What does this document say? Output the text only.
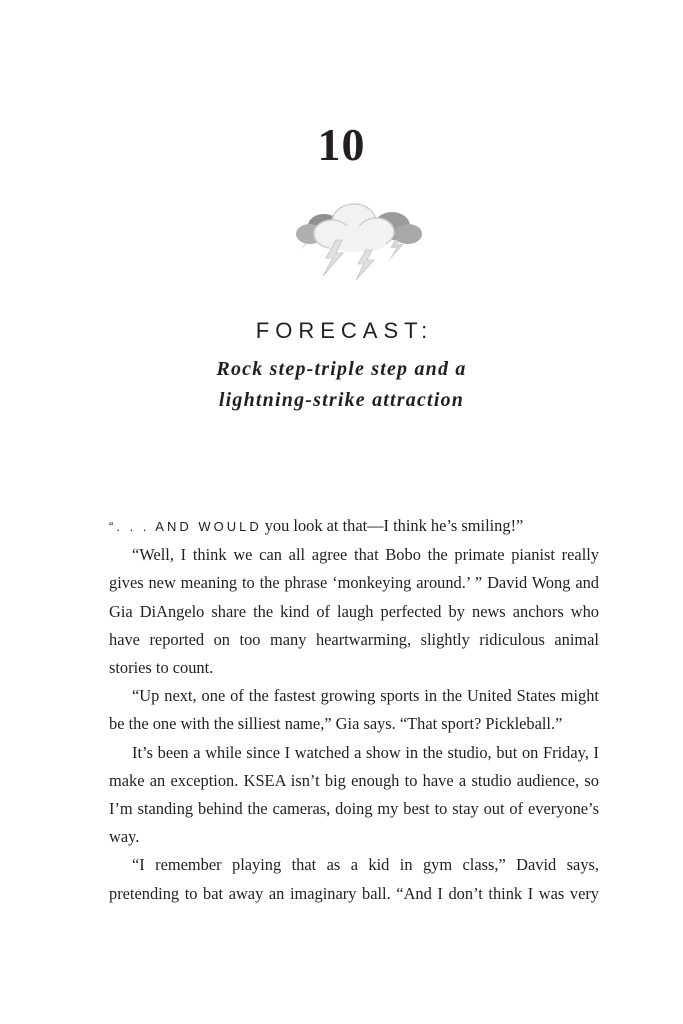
10
FORECAST:
Rock step-triple step and a
lightning-strike attraction

“. . . AND WOULD you look at that—I think he’s smiling!”

“Well, I think we can all agree that Bobo the primate pianist really gives new meaning to the phrase ‘monkeying around.’ ” David Wong and Gia DiAngelo share the kind of laugh perfected by news anchors who have reported on too many heartwarming, slightly ridiculous animal stories to count.

“Up next, one of the fastest growing sports in the United States might be the one with the silliest name,” Gia says. “That sport? Pickleball.”

It’s been a while since I watched a show in the studio, but on Friday, I make an exception. KSEA isn’t big enough to have a studio audience, so I’m standing behind the cameras, doing my best to stay out of everyone’s way.

“I remember playing that as a kid in gym class,” David says, pretending to bat away an imaginary ball. “And I don’t think I was very
